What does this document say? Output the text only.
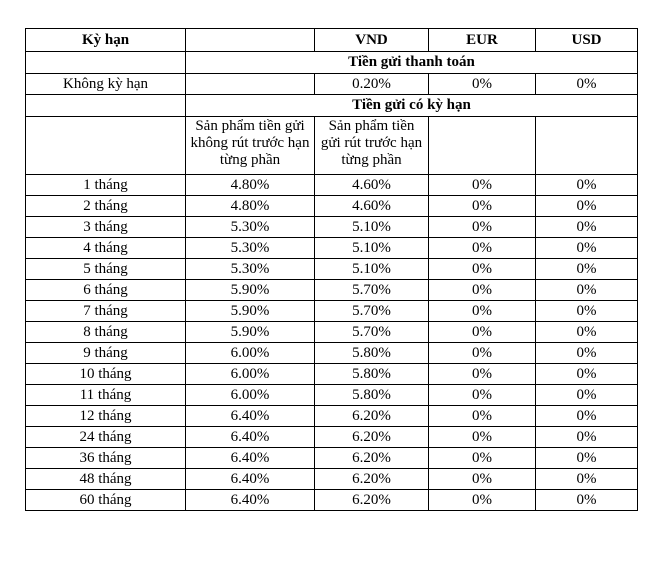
Kỳ hạn		VND	EUR	USD
	Tiền gửi thanh toán			
Không kỳ hạn		0.20%	0%	0%
	Tiền gửi có kỳ hạn			
	Sản phẩm tiền gửi không rút trước hạn từng phần	Sản phẩm tiền gửi rút trước hạn từng phần		
1 tháng	4.80%	4.60%	0%	0%
2 tháng	4.80%	4.60%	0%	0%
3 tháng	5.30%	5.10%	0%	0%
4 tháng	5.30%	5.10%	0%	0%
5 tháng	5.30%	5.10%	0%	0%
6 tháng	5.90%	5.70%	0%	0%
7 tháng	5.90%	5.70%	0%	0%
8 tháng	5.90%	5.70%	0%	0%
9 tháng	6.00%	5.80%	0%	0%
10 tháng	6.00%	5.80%	0%	0%
11 tháng	6.00%	5.80%	0%	0%
12 tháng	6.40%	6.20%	0%	0%
24 tháng	6.40%	6.20%	0%	0%
36 tháng	6.40%	6.20%	0%	0%
48 tháng	6.40%	6.20%	0%	0%
60 tháng	6.40%	6.20%	0%	0%
